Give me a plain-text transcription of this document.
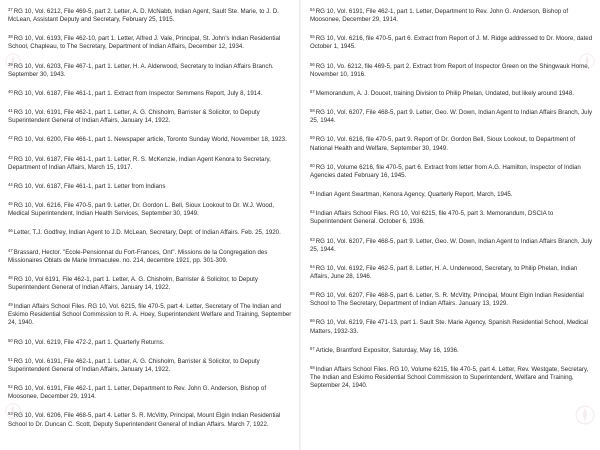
$^{37}$RG 10, Vol. 6212, File 469-5, part 2. Letter, A. D. McNabb, Indian Agent, Sault Ste. Marie, to J. D. McLean, Assistant Deputy and Secretary, February 25, 1915.

$^{38}$RG 10, Vol. 6193, File 462-10, part 1. Letter, Alfred J. Vale, Principal, St. John's Indian Residential School, Chapleau, to The Secretary, Department of Indian Affairs, December 12, 1934.

$^{39}$RG 10, Vol. 6203, File 467-1, part 1. Letter, H. A. Alderwood, Secretary to Indian Affairs Branch. September 30, 1943.

$^{40}$RG 10, Vol. 6187, File 461-1, part 1. Extract from Inspector Semmens Report, July 8, 1914.

$^{41}$RG 10, Vol. 6191, File 462-1, part 1. Letter, A. G. Chisholm, Barrister & Solicitor, to Deputy Superintendent General of Indian Affairs, January 14, 1922.

$^{42}$RG 10, Vol. 6200, File 466-1, part 1. Newspaper article, Toronto Sunday World, November 18, 1923.

$^{43}$RG 10, Vol. 6187, File 461-1, part 1. Letter, R. S. McKenzie, Indian Agent Kenora to Secretary, Department of Indian Affairs, March 15, 1917.

$^{44}$RG 10, Vol. 6187, File 461-1, part 1. Letter from Indians

$^{45}$RG 10, Vol. 6216, File 470-5, part 9. Letter, Dr. Gordon L. Bell, Sioux Lookout to Dr. W.J. Wood, Medical Superintendent, Indian Health Services, September 30, 1949.

$^{46}$Letter, T.J. Godfrey, Indian Agent to J.D. McLean, Secretary, Dept. of Indian Affairs. Feb. 25, 1920.

$^{47}$Brassard, Hector. "Ecole-Pensionnat du Fort-Frances, Ont". Missions de la Congregation des Missionaires Oblats de Marie Immaculee. no. 214, decembre 1921, pp. 301-309.

$^{48}$RG 10, Vol 6191, File 462-1, part 1. Letter, A. G. Chisholm, Barrister & Solicitor, to Deputy Superintendent General of Indian Affairs, January 14, 1922.

$^{49}$Indian Affairs School Files. RG 10, Vol. 6215, file 470-5, part 4. Letter, Secretary of The Indian and Eskimo Residential School Commission to R. A. Hoey, Superintendent Welfare and Training, September 24, 1940.

$^{50}$RG 10, Vol. 6219, File 472-2, part 1. Quarterly Returns.

$^{51}$RG 10, Vol. 6191, File 462-1, part 1. Letter, A. G. Chisholm, Barrister & Solicitor, to Deputy Superintendent General of Indian Affairs, January 14, 1922.

$^{52}$RG 10, Vol. 6191, File 462-1, part 1. Letter, Department to Rev. John G. Anderson, Bishop of Moosonee, December 29, 1914.

$^{53}$RG 10, Vol. 6206, File 468-5, part 4. Letter S. R. McVitty, Principal, Mount Elgin Indian Residential School to Dr. Duncan C. Scott, Deputy Superintendent General of Indian Affairs. March 7, 1922.

$^{54}$RG 10, Vol. 6191, File 462-1, part 1. Letter, Department to Rev. John G. Anderson, Bishop of Moosonee, December 29, 1914.

$^{55}$RG 10, Vol. 6216, file 470-5, part 6. Extract from Report of J. M. Ridge addressed to Dr. Moore, dated October 1, 1945.

$^{56}$RG 10, Vo. 6212, file 469-5, part 2. Extract from Report of Inspector Green on the Shingwauk Home, November 10, 1916.

$^{57}$Memorandum, A. J. Doucet, training Division to Philip Phelan, Undated, but likely around 1948.

$^{58}$RG 10, Vol. 6207, File 468-5, part 9. Letter, Geo. W. Down, Indian Agent to Indian Affairs Branch, July 25, 1944.

$^{59}$RG 10, Vol. 6216, file 470-5, part 9. Report of Dr. Gordon Bell, Sioux Lookout, to Department of National Health and Welfare, September 30, 1949.

$^{60}$RG 10, Volume 6216, file 470-5, part 6. Extract from letter from A.G. Hamilton, Inspector of Indian Agencies dated February 16, 1945.

$^{61}$Indian Agent Swartman, Kenora Agency, Quarterly Report, March, 1945.

$^{62}$Indian Affairs School Files. RG 10, Vol 6215, file 470-5, part 3. Memorandum, DSCIA to Superintendent General. October 6, 1936.

$^{63}$RG 10, Vol. 6207, File 468-5, part 9. Letter, Geo. W. Down, Indian Agent to Indian Affairs Branch, July 25, 1944.

$^{64}$RG 10, Vol. 6192, File 462-5, part 8. Letter, H. A. Underwood, Secretary, to Philip Phelan, Indian Affairs, June 28, 1946.

$^{65}$RG 10, Vol. 6207, File 468-5, part 6. Letter, S. R. McVitty, Principal, Mount Elgin Indian Residential School to The Secretary, Department of Indian Affairs. January 13, 1929.

$^{66}$RG 10, Vol. 6219, File 471-13, part 1. Sault Ste. Marie Agency, Spanish Residential School, Medical Matters, 1932-33.

$^{67}$Article, Brantford Expositor, Saturday, May 16, 1936.

$^{68}$Indian Affairs School Files. RG 10, Volume 6215, file 470-5, part 4. Letter, Rev. Westgate, Secretary, The Indian and Eskimo Residential School Commission to Superintendent, Welfare and Training, September 24, 1940.
